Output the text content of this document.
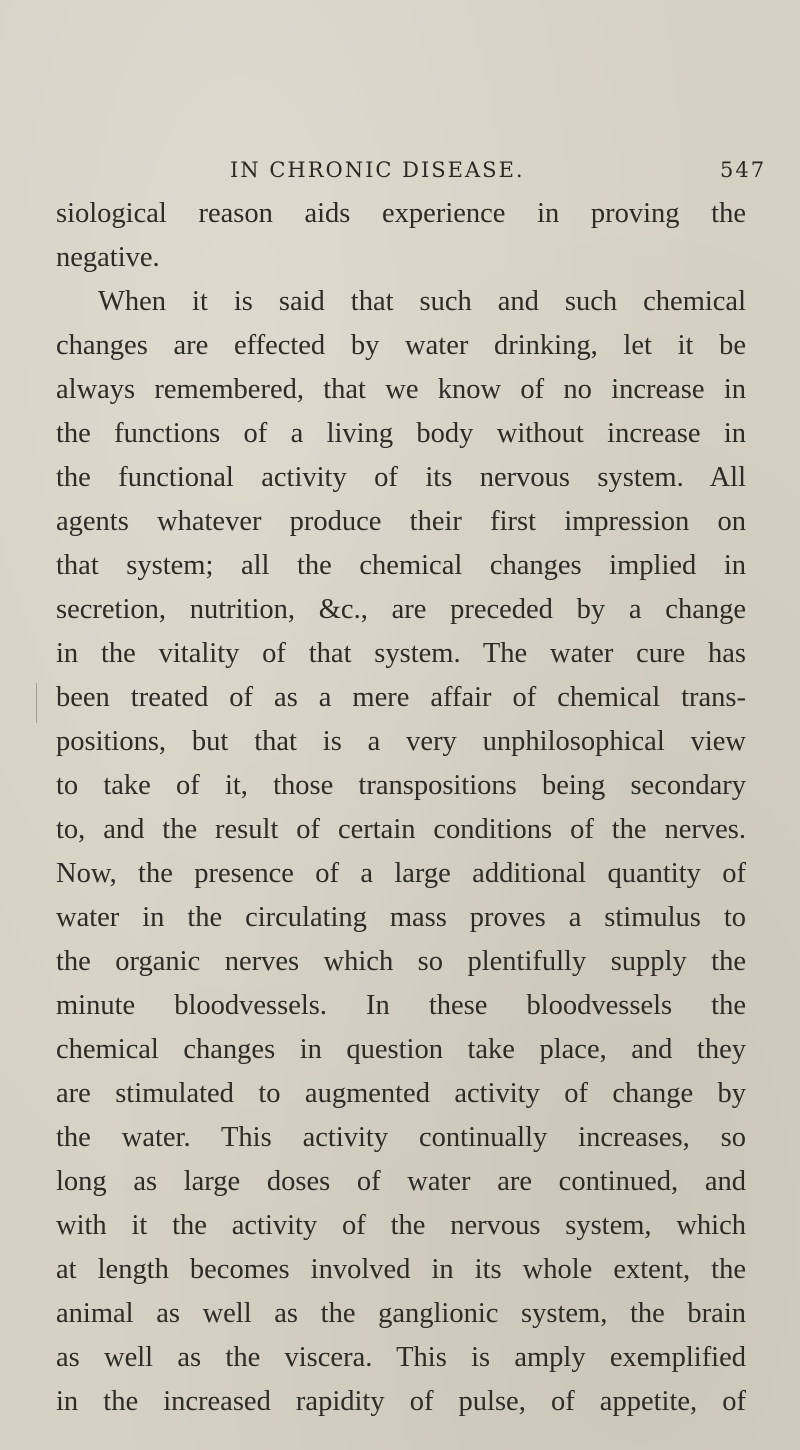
IN CHRONIC DISEASE.	547
siological reason aids experience in proving the
negative.
When it is said that such and such chemical
changes are effected by water drinking, let it be
always remembered, that we know of no increase in
the functions of a living body without increase in
the functional activity of its nervous system. All
agents whatever produce their first impression on
that system; all the chemical changes implied in
secretion, nutrition, &c., are preceded by a change
in the vitality of that system. The water cure has
been treated of as a mere affair of chemical trans-
positions, but that is a very unphilosophical view
to take of it, those transpositions being secondary
to, and the result of certain conditions of the nerves.
Now, the presence of a large additional quantity of
water in the circulating mass proves a stimulus to
the organic nerves which so plentifully supply the
minute bloodvessels. In these bloodvessels the
chemical changes in question take place, and they
are stimulated to augmented activity of change by
the water. This activity continually increases, so
long as large doses of water are continued, and
with it the activity of the nervous system, which
at length becomes involved in its whole extent, the
animal as well as the ganglionic system, the brain
as well as the viscera. This is amply exemplified
in the increased rapidity of pulse, of appetite, of
